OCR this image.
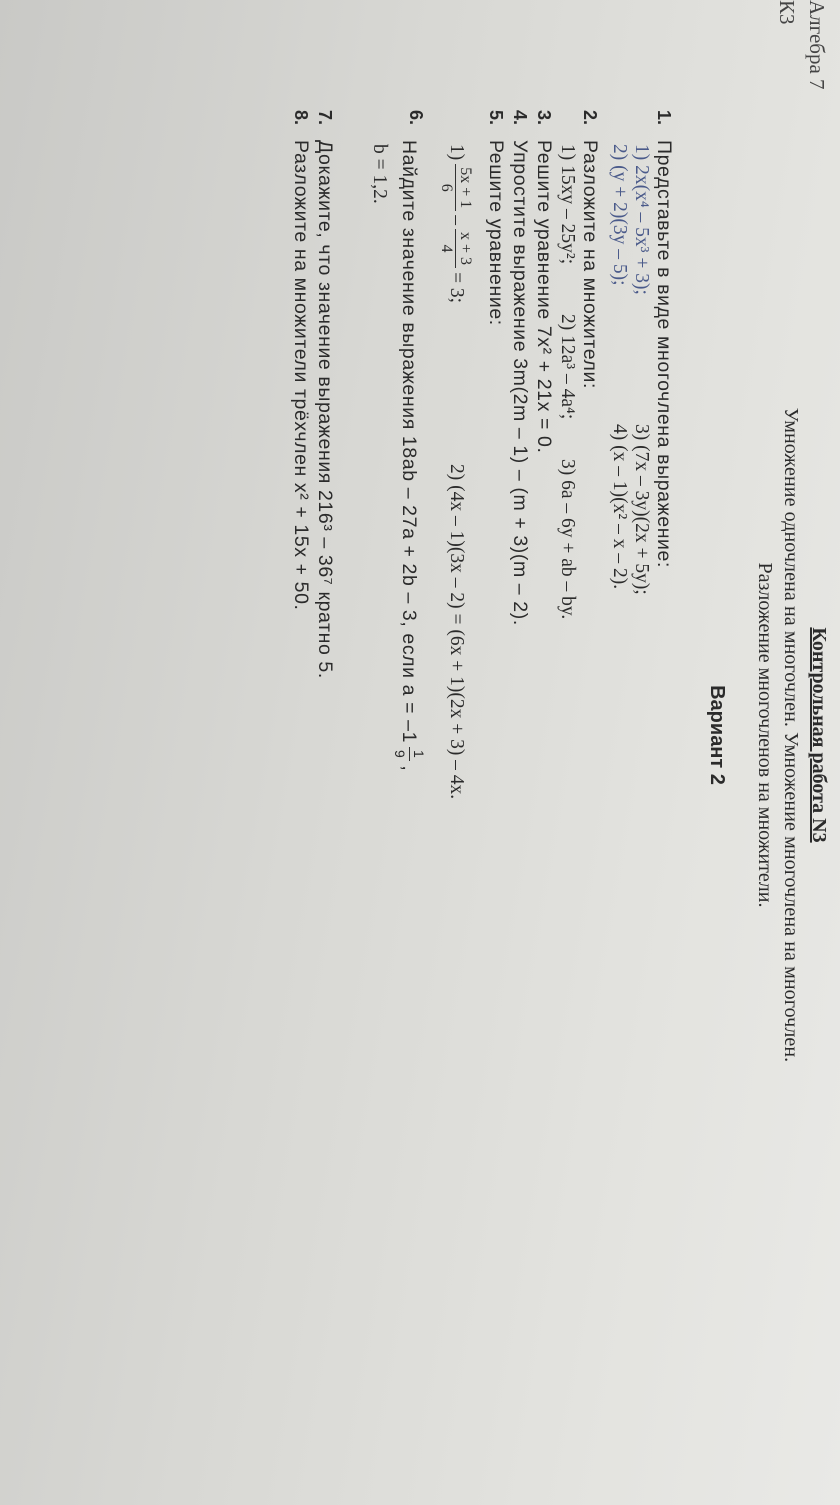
Алгебра 7
К3
Контрольная работа N3
Умножение одночлена на многочлен. Умножение многочлена на многочлен.
Разложение многочленов на множители.
Вариант 2
1.
Представьте в виде многочлена выражение:
1) 2x(x⁴ – 5x³ + 3);
3) (7x – 3y)(2x + 5y);
2) (y + 2)(3y – 5);
4) (x – 1)(x² – x – 2).
2.
Разложите на множители:
1) 15xy – 25y²;
2) 12a³ – 4a⁴;
3) 6a – 6y + ab – by.
3.
Решите уравнение 7x² + 21x = 0.
4.
Упростите выражение 3m(2m – 1) – (m + 3)(m – 2).
5.
Решите уравнение:
1)
5x + 1
6
–
x + 3
4
= 3;
2) (4x – 1)(3x – 2) = (6x + 1)(2x + 3) – 4x.
6.
Найдите значение выражения 18ab – 27a + 2b – 3, если a = –1
1
9
,
b = 1,2.
7.
Докажите, что значение выражения 216³ – 36⁷ кратно 5.
8.
Разложите на множители трёхчлен x² + 15x + 50.
